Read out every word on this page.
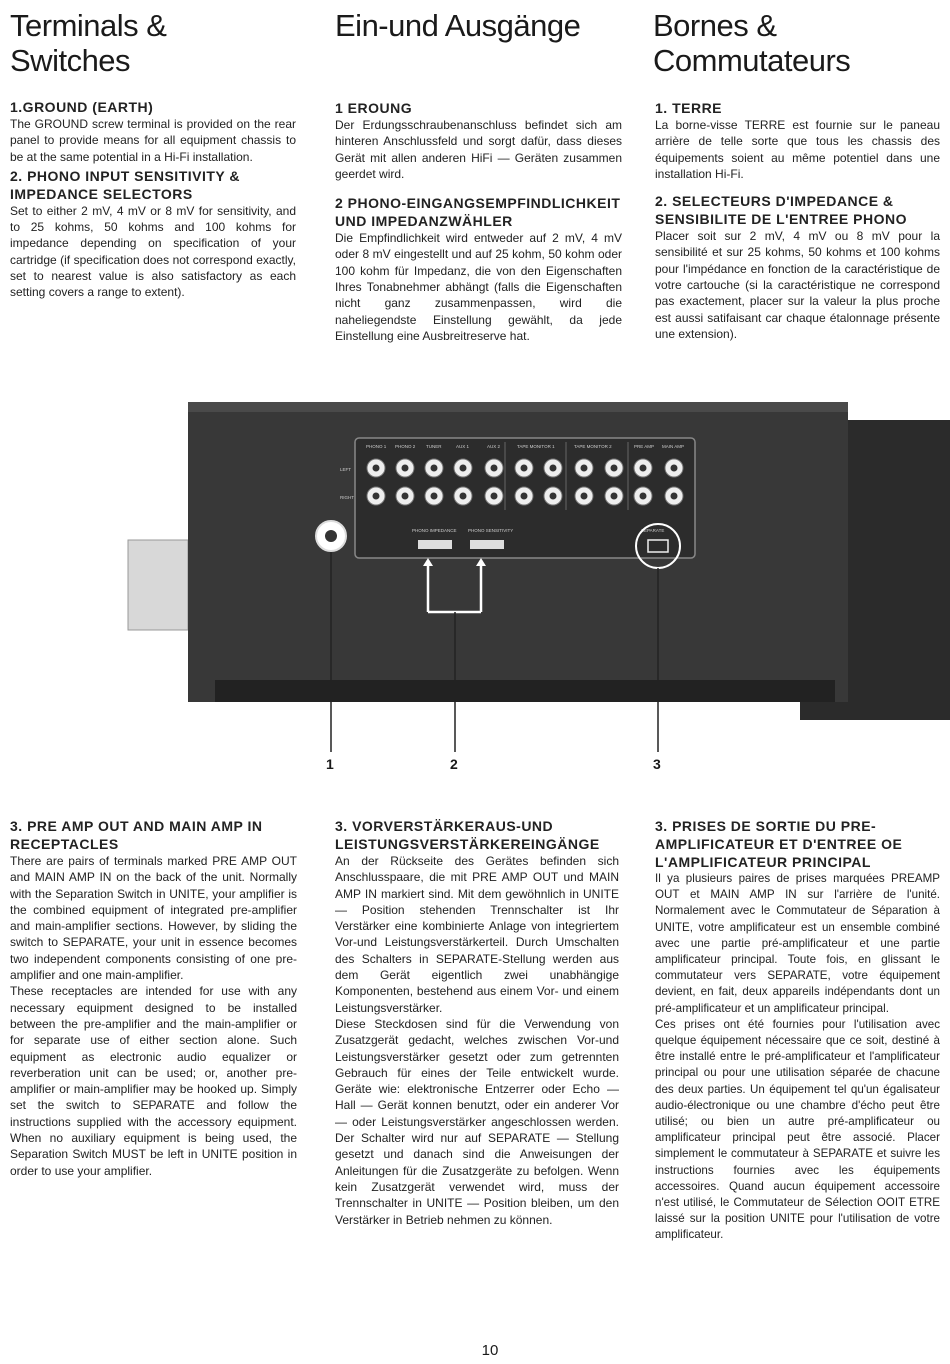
Terminals &
Switches
Ein-und Ausgänge	Bornes &
Commutateurs

1.GROUND (EARTH)

The GROUND screw terminal is provided on the rear panel to provide means for all equipment chassis to be at the same potential in a Hi-Fi installation.

2. PHONO INPUT SENSITIVITY & IMPEDANCE SELECTORS

Set to either 2 mV, 4 mV or 8 mV for sensitivity, and to 25 kohms, 50 kohms and 100 kohms for impedance depending on specification of your cartridge (if specification does not correspond exactly, set to nearest value is also satisfactory as each setting covers a range to extent).

1 EROUNG

Der Erdungsschraubenanschluss befindet sich am hinteren Anschlussfeld und sorgt dafür, dass dieses Gerät mit allen anderen HiFi — Geräten zusammen geerdet wird.

2 PHONO-EINGANGSEMPFINDLICHKEIT UND IMPEDANZWÄHLER

Die Empfindlichkeit wird entweder auf 2 mV, 4 mV oder 8 mV eingestellt und auf 25 kohm, 50 kohm oder 100 kohm für Impedanz, die von den Eigenschaften Ihres Tonabnehmer abhängt (falls die Eigenschaften nicht ganz zusammenpassen, wird die naheliegendste Einstellung gewählt, da jede Einstellung eine Ausbreitreserve hat.

1. TERRE

La borne-visse TERRE est fournie sur le paneau arrière de telle sorte que tous les chassis des équipements soient au même potentiel dans une installation Hi-Fi.

2. SELECTEURS D'IMPEDANCE & SENSIBILITE DE L'ENTREE PHONO

Placer soit sur 2 mV, 4 mV ou 8 mV pour la sensibilité et sur 25 kohms, 50 kohms et 100 kohms pour l'impédance en fonction de la caractéristique de votre cartouche (si la caractéristique ne correspond pas exactement, placer sur la valeur la plus proche est aussi satifaisant car chaque étalonnage présente une extension).

LEFT
RIGHT
PHONO 1 PHONO 2 TUNER	AUX 1	AUX 2	TAPE MONITOR 1	TAPE MONITOR 2	PRE AMP MAIN AMP
PHONO IMPEDANCE	PHONO SENSITIVITY	SEPARATE
1	2	3

3. PRE AMP OUT AND MAIN AMP IN RECEPTACLES

There are pairs of terminals marked PRE AMP OUT and MAIN AMP IN on the back of the unit. Normally with the Separation Switch in UNITE, your amplifier is the combined equipment of integrated pre-amplifier and main-amplifier sections. However, by sliding the switch to SEPARATE, your unit in essence becomes two independent components consisting of one pre-amplifier and one main-amplifier.

These receptacles are intended for use with any necessary equipment designed to be installed between the pre-amplifier and the main-amplifier or for separate use of either section alone. Such equipment as electronic audio equalizer or reverberation unit can be used; or, another pre-amplifier or main-amplifier may be hooked up. Simply set the switch to SEPARATE and follow the instructions supplied with the accessory equipment. When no auxiliary equipment is being used, the Separation Switch MUST be left in UNITE position in order to use your amplifier.

3. VORVERSTÄRKERAUS-UND LEISTUNGSVERSTÄRKEREINGÄNGE

An der Rückseite des Gerätes befinden sich Anschlusspaare, die mit PRE AMP OUT und MAIN AMP IN markiert sind. Mit dem gewöhnlich in UNITE — Position stehenden Trennschalter ist Ihr Verstärker eine kombinierte Anlage von integriertem Vor-und Leistungsverstärkerteil. Durch Umschalten des Schalters in SEPARATE-Stellung werden aus dem Gerät eigentlich zwei unabhängige Komponenten, bestehend aus einem Vor- und einem Leistungsverstärker.

Diese Steckdosen sind für die Verwendung von Zusatzgerät gedacht, welches zwischen Vor-und Leistungsverstärker gesetzt oder zum getrennten Gebrauch für eines der Teile entwickelt wurde. Geräte wie: elektronische Entzerrer oder Echo — Hall — Gerät konnen benutzt, oder ein anderer Vor — oder Leistungsverstärker angeschlossen werden. Der Schalter wird nur auf SEPARATE — Stellung gesetzt und danach sind die Anweisungen der Anleitungen für die Zusatzgeräte zu befolgen. Wenn kein Zusatzgerät verwendet wird, muss der Trennschalter in UNITE — Position bleiben, um den Verstärker in Betrieb nehmen zu können.

3. PRISES DE SORTIE DU PRE-AMPLIFICATEUR ET D'ENTREE OE L'AMPLIFICATEUR PRINCIPAL

Il ya plusieurs paires de prises marquées PREAMP OUT et MAIN AMP IN sur l'arrière de l'unité. Normalement avec le Commutateur de Séparation à UNITE, votre amplificateur est un ensemble combiné avec une partie pré-amplificateur et une partie amplificateur principal. Toute fois, en glissant le commutateur vers SEPARATE, votre équipement devient, en fait, deux appareils indépendants dont un pré-amplificateur et un amplificateur principal.

Ces prises ont été fournies pour l'utilisation avec quelque équipement nécessaire que ce soit, destiné à être installé entre le pré-amplificateur et l'amplificateur principal ou pour une utilisation séparée de chacune des deux parties. Un équipement tel qu'un égalisateur audio-électronique ou une chambre d'écho peut être utilisé; ou bien un autre pré-amplificateur ou amplificateur principal peut être associé. Placer simplement le commutateur à SEPARATE et suivre les instructions fournies avec les équipements accessoires. Quand aucun équipement accessoire n'est utilisé, le Commutateur de Sélection OOIT ETRE laissé sur la position UNITE pour l'utilisation de votre amplificateur.

10
